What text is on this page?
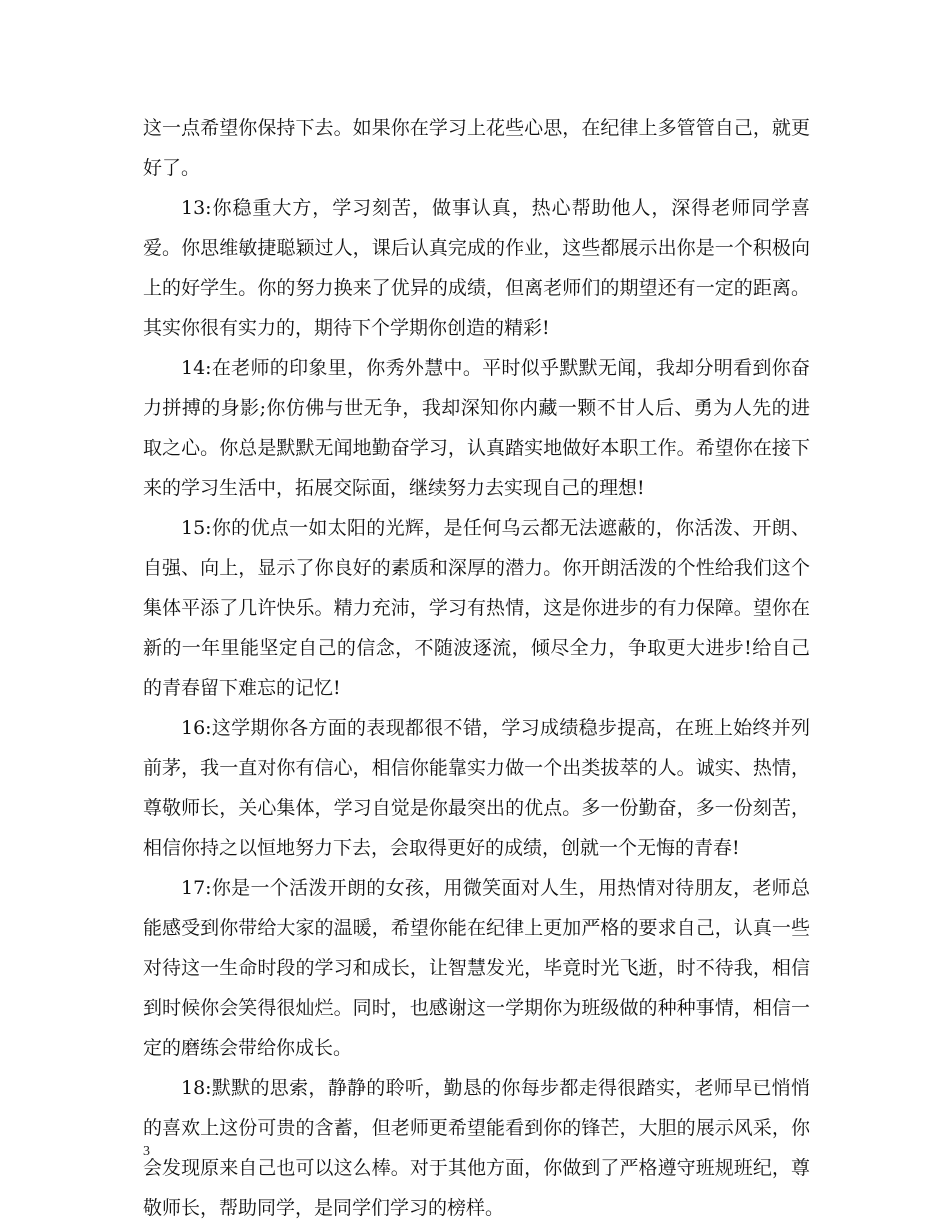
这一点希望你保持下去。如果你在学习上花些心思，在纪律上多管管自己，就更好了。

13:你稳重大方，学习刻苦，做事认真，热心帮助他人，深得老师同学喜爱。你思维敏捷聪颖过人，课后认真完成的作业，这些都展示出你是一个积极向上的好学生。你的努力换来了优异的成绩，但离老师们的期望还有一定的距离。其实你很有实力的，期待下个学期你创造的精彩!

14:在老师的印象里，你秀外慧中。平时似乎默默无闻，我却分明看到你奋力拼搏的身影;你仿佛与世无争，我却深知你内藏一颗不甘人后、勇为人先的进取之心。你总是默默无闻地勤奋学习，认真踏实地做好本职工作。希望你在接下来的学习生活中，拓展交际面，继续努力去实现自己的理想!

15:你的优点一如太阳的光辉，是任何乌云都无法遮蔽的，你活泼、开朗、自强、向上，显示了你良好的素质和深厚的潜力。你开朗活泼的个性给我们这个集体平添了几许快乐。精力充沛，学习有热情，这是你进步的有力保障。望你在新的一年里能坚定自己的信念，不随波逐流，倾尽全力，争取更大进步!给自己的青春留下难忘的记忆!

16:这学期你各方面的表现都很不错，学习成绩稳步提高，在班上始终并列前茅，我一直对你有信心，相信你能靠实力做一个出类拔萃的人。诚实、热情，尊敬师长，关心集体，学习自觉是你最突出的优点。多一份勤奋，多一份刻苦，相信你持之以恒地努力下去，会取得更好的成绩，创就一个无悔的青春!

17:你是一个活泼开朗的女孩，用微笑面对人生，用热情对待朋友，老师总能感受到你带给大家的温暖，希望你能在纪律上更加严格的要求自己，认真一些对待这一生命时段的学习和成长，让智慧发光，毕竟时光飞逝，时不待我，相信到时候你会笑得很灿烂。同时，也感谢这一学期你为班级做的种种事情，相信一定的磨练会带给你成长。

18:默默的思索，静静的聆听，勤恳的你每步都走得很踏实，老师早已悄悄的喜欢上这份可贵的含蓄，但老师更希望能看到你的锋芒，大胆的展示风采，你会发现原来自己也可以这么棒。对于其他方面，你做到了严格遵守班规班纪，尊敬师长，帮助同学，是同学们学习的榜样。

3
